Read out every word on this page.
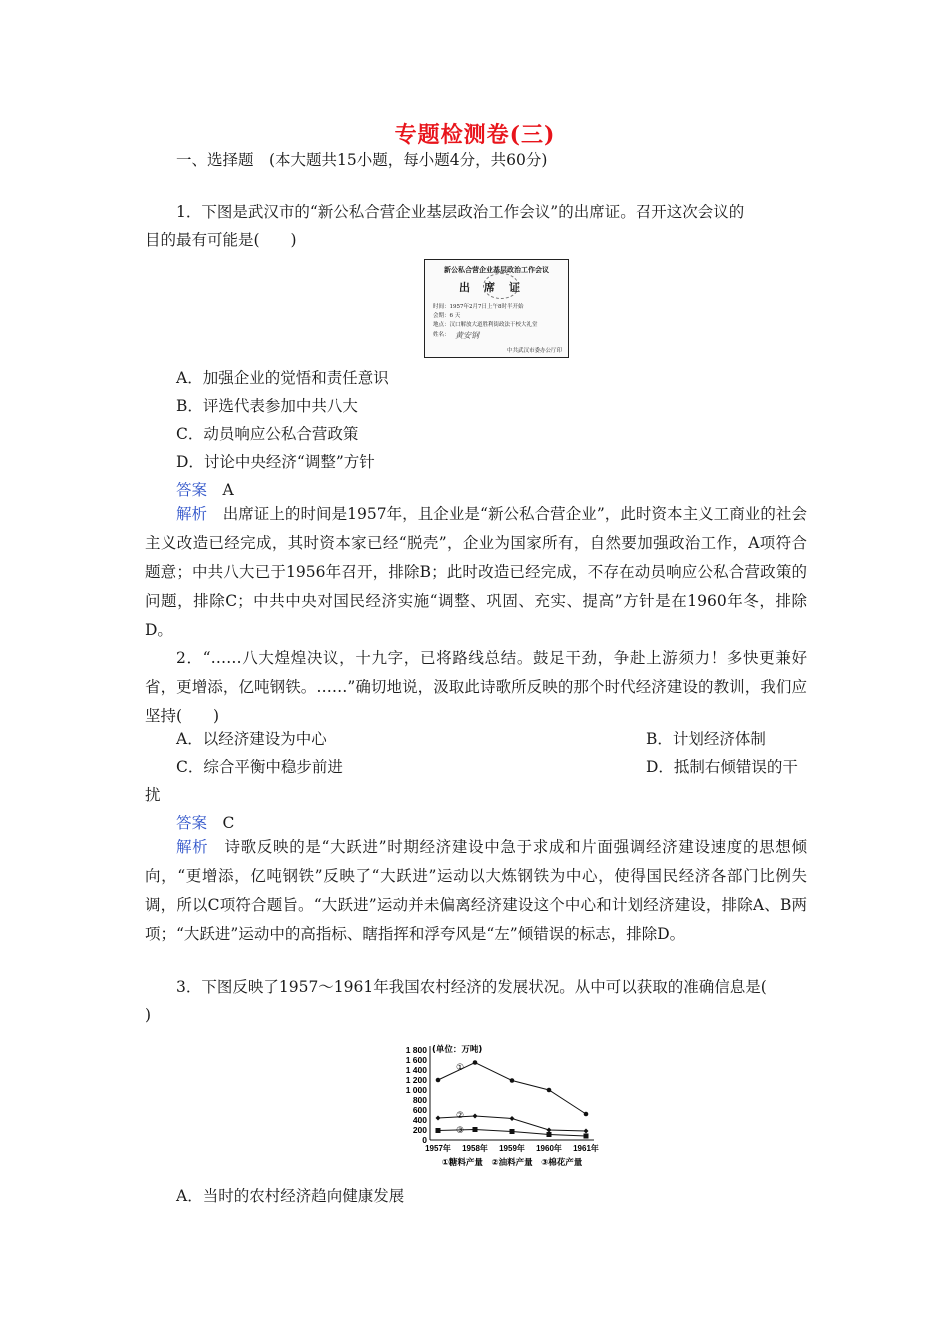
专题检测卷(三)
一、选择题　(本大题共15小题，每小题4分，共60分)
1．下图是武汉市的“新公私合营企业基层政治工作会议”的出席证。召开这次会议的
目的最有可能是(　　)
新公私合营企业基层政治工作会议
出席证
时间：1957年2月7日上午8时半开始
会期：6 天
地点：汉口解放大道胜利街政法干校大礼堂
姓名： 黄安钢
中共武汉市委办公厅印
A．加强企业的觉悟和责任意识
B．评选代表参加中共八大
C．动员响应公私合营政策
D．讨论中央经济“调整”方针
答案　 A
解析　 出席证上的时间是1957年，且企业是“新公私合营企业”，此时资本主义工商业的社会主义改造已经完成，其时资本家已经“脱壳”，企业为国家所有，自然要加强政治工作，A项符合题意；中共八大已于1956年召开，排除B；此时改造已经完成，不存在动员响应公私合营政策的问题，排除C；中共中央对国民经济实施“调整、巩固、充实、提高”方针是在1960年冬，排除D。
2．“……八大煌煌决议，十九字，已将路线总结。鼓足干劲，争赴上游须力！多快更兼好省，更增添，亿吨钢铁。……”确切地说，汲取此诗歌所反映的那个时代经济建设的教训，我们应坚持(　　)
A．以经济建设为中心	B．计划经济体制
C．综合平衡中稳步前进	D．抵制右倾错误的干
扰
答案　 C
解析　 诗歌反映的是“大跃进”时期经济建设中急于求成和片面强调经济建设速度的思想倾向，“更增添，亿吨钢铁”反映了“大跃进”运动以大炼钢铁为中心，使得国民经济各部门比例失调，所以C项符合题旨。“大跃进”运动并未偏离经济建设这个中心和计划经济建设，排除A、B两项；“大跃进”运动中的高指标、瞎指挥和浮夸风是“左”倾错误的标志，排除D。
3．下图反映了1957～1961年我国农村经济的发展状况。从中可以获取的准确信息是(
)
0
200
400
600
800
1 000
1 200
1 400
1 600
1 800
1957年 1958年 1959年 1960年 1961年
(单位：万吨)
①
②
③
①糖料产量　②油料产量　③棉花产量
A．当时的农村经济趋向健康发展
